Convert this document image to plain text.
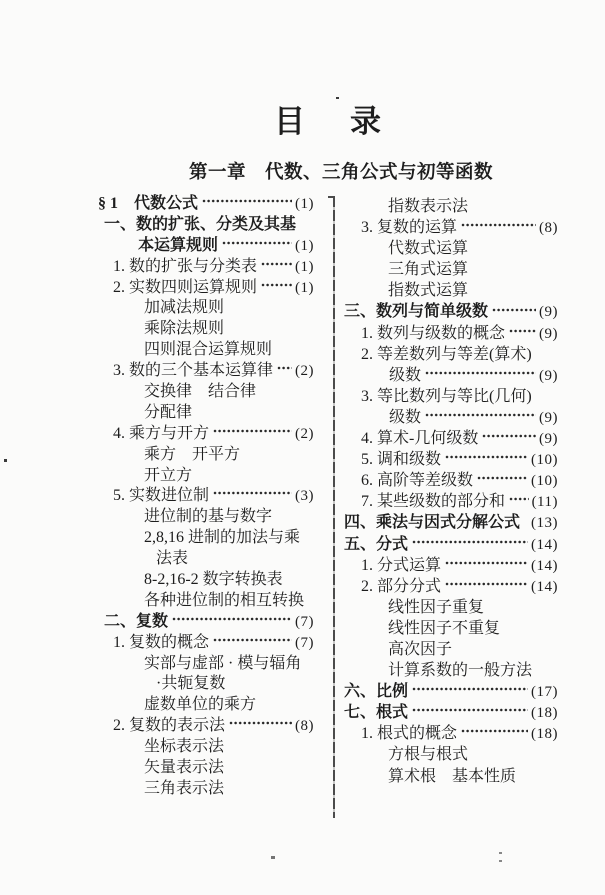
目　录
第一章　代数、三角公式与初等函数
§ 1　代数公式	(1)
一、数的扩张、分类及其基
本运算规则	(1)
1. 数的扩张与分类表	(1)
2. 实数四则运算规则	(1)
加减法规则
乘除法规则
四则混合运算规则
3. 数的三个基本运算律 (2)
交换律　结合律
分配律
4. 乘方与开方	(2)
乘方　开平方
开立方
5. 实数进位制	(3)
进位制的基与数字
2,8,16 进制的加法与乘
法表
8-2,16-2 数字转换表
各种进位制的相互转换
二、复数	(7)
1. 复数的概念	(7)
实部与虚部 · 模与辐角
·共轭复数
虚数单位的乘方
2. 复数的表示法	(8)
坐标表示法
矢量表示法
三角表示法
指数表示法
3. 复数的运算	(8)
代数式运算
三角式运算
指数式运算
三、数列与简单级数	(9)
1. 数列与级数的概念 (9)
2. 等差数列与等差(算术)
级数	(9)
3. 等比数列与等比(几何)
级数	(9)
4. 算术-几何级数	(9)
5. 调和级数	(10)
6. 高阶等差级数	(10)
7. 某些级数的部分和 (11)
四、乘法与因式分解公式 (13)
五、分式	(14)
1. 分式运算	(14)
2. 部分分式	(14)
线性因子重复
线性因子不重复
高次因子
计算系数的一般方法
六、比例	(17)
七、根式	(18)
1. 根式的概念	(18)
方根与根式
算术根　基本性质
